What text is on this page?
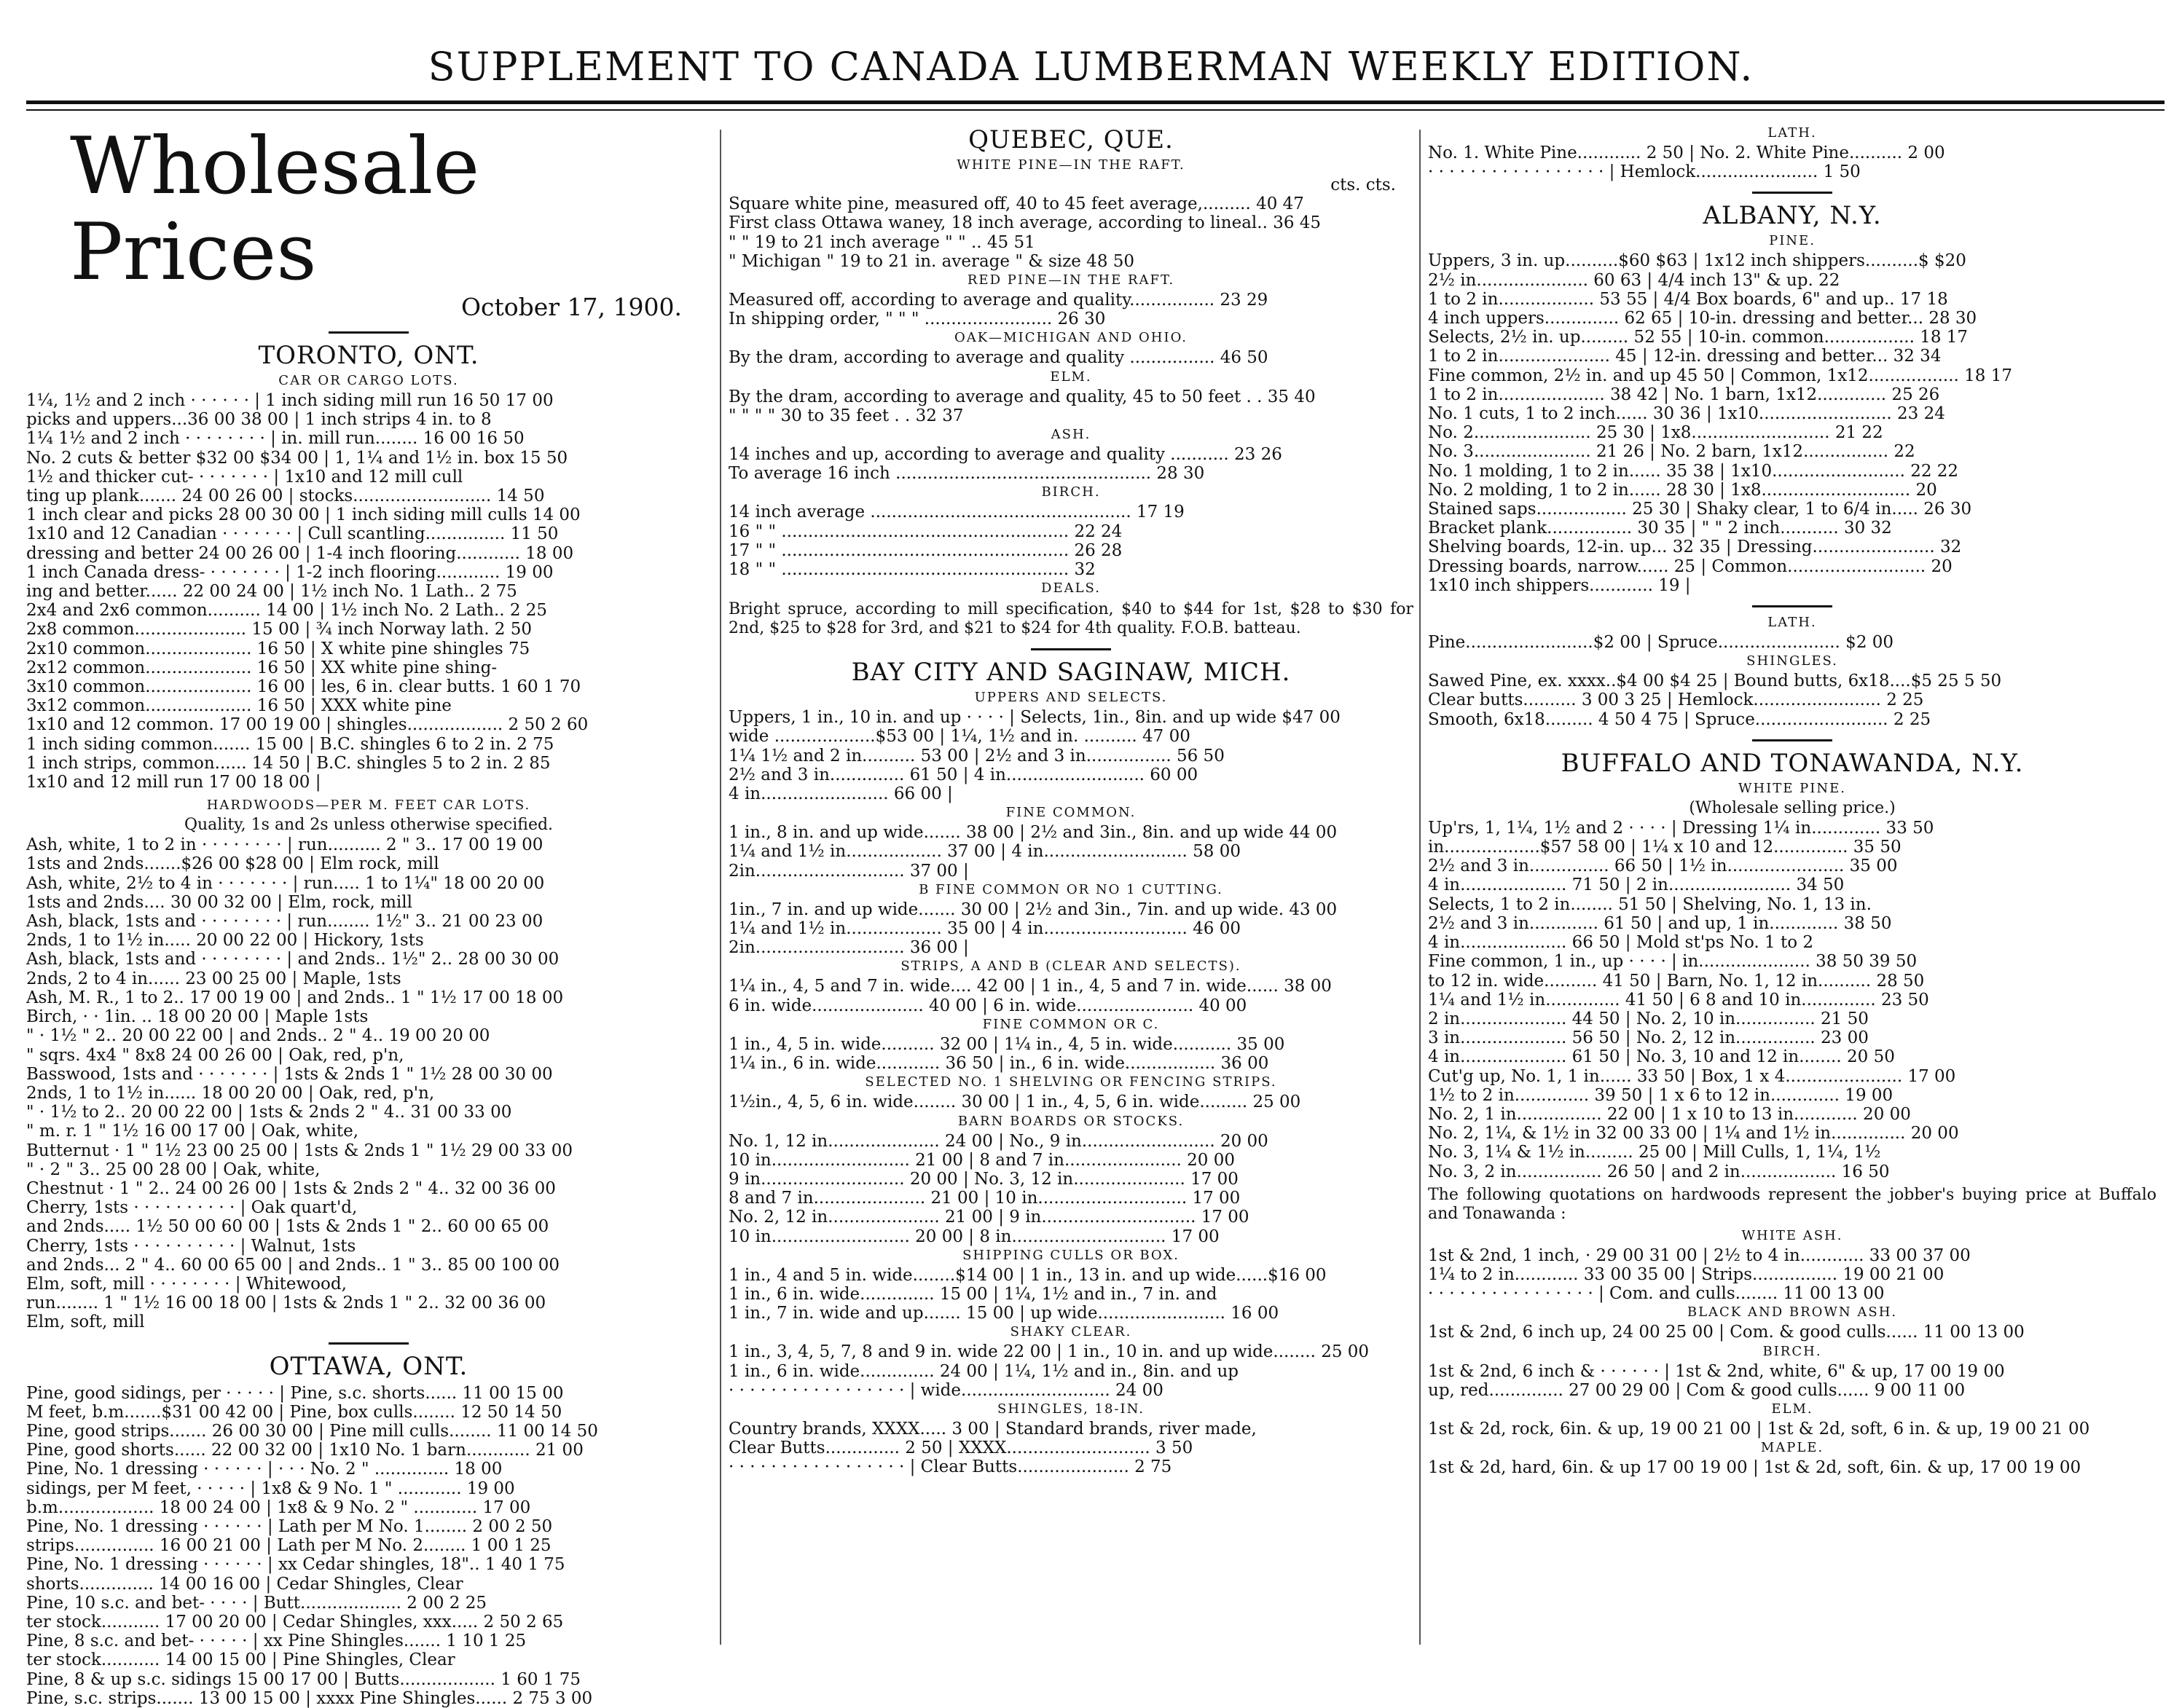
SUPPLEMENT TO CANADA LUMBERMAN WEEKLY EDITION.
Wholesale Prices
October 17, 1900.
TORONTO, ONT.
CAR OR CARGO LOTS.
1¼, 1½ and 2 inch · · · · · · | 1 inch siding mill run 16 50 17 00
picks and uppers...36 00 38 00 | 1 inch strips 4 in. to 8
1¼ 1½ and 2 inch · · · · · · · · | in. mill run........ 16 00 16 50
No. 2 cuts & better $32 00 $34 00 | 1, 1¼ and 1½ in. box 15 50
1½ and thicker cut- · · · · · · · | 1x10 and 12 mill cull
ting up plank....... 24 00 26 00 | stocks.......................... 14 50
1 inch clear and picks 28 00 30 00 | 1 inch siding mill culls 14 00
1x10 and 12 Canadian · · · · · · · | Cull scantling............... 11 50
dressing and better 24 00 26 00 | 1-4 inch flooring............ 18 00
1 inch Canada dress- · · · · · · · | 1-2 inch flooring............ 19 00
ing and better...... 22 00 24 00 | 1½ inch No. 1 Lath.. 2 75
2x4 and 2x6 common.......... 14 00 | 1½ inch No. 2 Lath.. 2 25
2x8 common..................... 15 00 | ¾ inch Norway lath. 2 50
2x10 common.................... 16 50 | X white pine shingles 75
2x12 common.................... 16 50 | XX white pine shing-
3x10 common.................... 16 00 | les, 6 in. clear butts. 1 60 1 70
3x12 common.................... 16 50 | XXX white pine
1x10 and 12 common. 17 00 19 00 | shingles.................. 2 50 2 60
1 inch siding common....... 15 00 | B.C. shingles 6 to 2 in. 2 75
1 inch strips, common...... 14 50 | B.C. shingles 5 to 2 in. 2 85
1x10 and 12 mill run 17 00 18 00 |
HARDWOODS—PER M. FEET CAR LOTS.
Quality, 1s and 2s unless otherwise specified.
Ash, white, 1 to 2 in · · · · · · · · | run.......... 2 " 3.. 17 00 19 00
1sts and 2nds.......$26 00 $28 00 | Elm rock, mill
Ash, white, 2½ to 4 in · · · · · · · | run..... 1 to 1¼" 18 00 20 00
1sts and 2nds.... 30 00 32 00 | Elm, rock, mill
Ash, black, 1sts and · · · · · · · · | run........ 1½" 3.. 21 00 23 00
2nds, 1 to 1½ in..... 20 00 22 00 | Hickory, 1sts
Ash, black, 1sts and · · · · · · · · | and 2nds.. 1½" 2.. 28 00 30 00
2nds, 2 to 4 in...... 23 00 25 00 | Maple, 1sts
Ash, M. R., 1 to 2.. 17 00 19 00 | and 2nds.. 1 " 1½ 17 00 18 00
Birch, · · 1in. .. 18 00 20 00 | Maple 1sts
" · 1½ " 2.. 20 00 22 00 | and 2nds.. 2 " 4.. 19 00 20 00
" sqrs. 4x4 " 8x8 24 00 26 00 | Oak, red, p'n,
Basswood, 1sts and · · · · · · · | 1sts & 2nds 1 " 1½ 28 00 30 00
2nds, 1 to 1½ in...... 18 00 20 00 | Oak, red, p'n,
" · 1½ to 2.. 20 00 22 00 | 1sts & 2nds 2 " 4.. 31 00 33 00
" m. r. 1 " 1½ 16 00 17 00 | Oak, white,
Butternut · 1 " 1½ 23 00 25 00 | 1sts & 2nds 1 " 1½ 29 00 33 00
" · 2 " 3.. 25 00 28 00 | Oak, white,
Chestnut · 1 " 2.. 24 00 26 00 | 1sts & 2nds 2 " 4.. 32 00 36 00
Cherry, 1sts · · · · · · · · · · | Oak quart'd,
and 2nds..... 1½ 50 00 60 00 | 1sts & 2nds 1 " 2.. 60 00 65 00
Cherry, 1sts · · · · · · · · · · | Walnut, 1sts
and 2nds... 2 " 4.. 60 00 65 00 | and 2nds.. 1 " 3.. 85 00 100 00
Elm, soft, mill · · · · · · · · | Whitewood,
run........ 1 " 1½ 16 00 18 00 | 1sts & 2nds 1 " 2.. 32 00 36 00
Elm, soft, mill
OTTAWA, ONT.
Pine, good sidings, per · · · · · | Pine, s.c. shorts...... 11 00 15 00
M feet, b.m.......$31 00 42 00 | Pine, box culls........ 12 50 14 50
Pine, good strips....... 26 00 30 00 | Pine mill culls........ 11 00 14 50
Pine, good shorts...... 22 00 32 00 | 1x10 No. 1 barn............ 21 00
Pine, No. 1 dressing · · · · · · | · · · No. 2 " .............. 18 00
sidings, per M feet, · · · · · | 1x8 & 9 No. 1 " ............ 19 00
b.m.................. 18 00 24 00 | 1x8 & 9 No. 2 " ............ 17 00
Pine, No. 1 dressing · · · · · · | Lath per M No. 1........ 2 00 2 50
strips............... 16 00 21 00 | Lath per M No. 2........ 1 00 1 25
Pine, No. 1 dressing · · · · · · | xx Cedar shingles, 18".. 1 40 1 75
shorts.............. 14 00 16 00 | Cedar Shingles, Clear
Pine, 10 s.c. and bet- · · · · | Butt................... 2 00 2 25
ter stock........... 17 00 20 00 | Cedar Shingles, xxx..... 2 50 2 65
Pine, 8 s.c. and bet- · · · · · | xx Pine Shingles....... 1 10 1 25
ter stock........... 14 00 15 00 | Pine Shingles, Clear
Pine, 8 & up s.c. sidings 15 00 17 00 | Butts.................. 1 60 1 75
Pine, s.c. strips....... 13 00 15 00 | xxxx Pine Shingles...... 2 75 3 00
QUEBEC, QUE.
WHITE PINE—IN THE RAFT.
cts. cts.
Square white pine, measured off, 40 to 45 feet average,......... 40 47
First class Ottawa waney, 18 inch average, according to lineal.. 36 45
" " 19 to 21 inch average " " .. 45 51
" Michigan " 19 to 21 in. average " & size 48 50
RED PINE—IN THE RAFT.
Measured off, according to average and quality................ 23 29
In shipping order, " " " ........................ 26 30
OAK—MICHIGAN AND OHIO.
By the dram, according to average and quality ................ 46 50
ELM.
By the dram, according to average and quality, 45 to 50 feet . . 35 40
" " " " 30 to 35 feet . . 32 37
ASH.
14 inches and up, according to average and quality ........... 23 26
To average 16 inch ................................................ 28 30
BIRCH.
14 inch average ................................................. 17 19
16 " " ...................................................... 22 24
17 " " ...................................................... 26 28
18 " " ...................................................... 32
DEALS.
Bright spruce, according to mill specification, $40 to $44 for 1st, $28 to $30 for 2nd, $25 to $28 for 3rd, and $21 to $24 for 4th quality. F.O.B. batteau.
BAY CITY AND SAGINAW, MICH.
UPPERS AND SELECTS.
Uppers, 1 in., 10 in. and up · · · · | Selects, 1in., 8in. and up wide $47 00
wide ...................$53 00 | 1¼, 1½ and in. .......... 47 00
1¼ 1½ and 2 in.......... 53 00 | 2½ and 3 in................ 56 50
2½ and 3 in.............. 61 50 | 4 in.......................... 60 00
4 in........................ 66 00 |
FINE COMMON.
1 in., 8 in. and up wide....... 38 00 | 2½ and 3in., 8in. and up wide 44 00
1¼ and 1½ in.................. 37 00 | 4 in........................... 58 00
2in............................ 37 00 |
B FINE COMMON OR NO 1 CUTTING.
1in., 7 in. and up wide....... 30 00 | 2½ and 3in., 7in. and up wide. 43 00
1¼ and 1½ in.................. 35 00 | 4 in........................... 46 00
2in............................ 36 00 |
STRIPS, A AND B (CLEAR AND SELECTS).
1¼ in., 4, 5 and 7 in. wide.... 42 00 | 1 in., 4, 5 and 7 in. wide...... 38 00
6 in. wide..................... 40 00 | 6 in. wide...................... 40 00
FINE COMMON OR C.
1 in., 4, 5 in. wide.......... 32 00 | 1¼ in., 4, 5 in. wide........... 35 00
1¼ in., 6 in. wide............ 36 50 | in., 6 in. wide................. 36 00
SELECTED NO. 1 SHELVING OR FENCING STRIPS.
1½in., 4, 5, 6 in. wide........ 30 00 | 1 in., 4, 5, 6 in. wide......... 25 00
BARN BOARDS OR STOCKS.
No. 1, 12 in..................... 24 00 | No., 9 in......................... 20 00
10 in.......................... 21 00 | 8 and 7 in...................... 20 00
9 in........................... 20 00 | No. 3, 12 in..................... 17 00
8 and 7 in..................... 21 00 | 10 in............................ 17 00
No. 2, 12 in..................... 21 00 | 9 in............................. 17 00
10 in.......................... 20 00 | 8 in............................. 17 00
SHIPPING CULLS OR BOX.
1 in., 4 and 5 in. wide........$14 00 | 1 in., 13 in. and up wide......$16 00
1 in., 6 in. wide.............. 15 00 | 1¼, 1½ and in., 7 in. and
1 in., 7 in. wide and up....... 15 00 | up wide........................ 16 00
SHAKY CLEAR.
1 in., 3, 4, 5, 7, 8 and 9 in. wide 22 00 | 1 in., 10 in. and up wide........ 25 00
1 in., 6 in. wide.............. 24 00 | 1¼, 1½ and in., 8in. and up
· · · · · · · · · · · · · · · · · | wide............................ 24 00
SHINGLES, 18-IN.
Country brands, XXXX..... 3 00 | Standard brands, river made,
Clear Butts.............. 2 50 | XXXX........................... 3 50
· · · · · · · · · · · · · · · · · | Clear Butts..................... 2 75
LATH.
No. 1. White Pine............ 2 50 | No. 2. White Pine.......... 2 00
· · · · · · · · · · · · · · · · · | Hemlock....................... 1 50
ALBANY, N.Y.
PINE.
Uppers, 3 in. up..........$60 $63 | 1x12 inch shippers..........$ $20
2½ in..................... 60 63 | 4/4 inch 13" & up. 22
1 to 2 in.................. 53 55 | 4/4 Box boards, 6" and up.. 17 18
4 inch uppers.............. 62 65 | 10-in. dressing and better... 28 30
Selects, 2½ in. up......... 52 55 | 10-in. common................. 18 17
1 to 2 in..................... 45 | 12-in. dressing and better... 32 34
Fine common, 2½ in. and up 45 50 | Common, 1x12................. 18 17
1 to 2 in.................... 38 42 | No. 1 barn, 1x12............. 25 26
No. 1 cuts, 1 to 2 inch...... 30 36 | 1x10......................... 23 24
No. 2...................... 25 30 | 1x8.......................... 21 22
No. 3...................... 21 26 | No. 2 barn, 1x12................ 22
No. 1 molding, 1 to 2 in...... 35 38 | 1x10......................... 22 22
No. 2 molding, 1 to 2 in...... 28 30 | 1x8............................ 20
Stained saps................. 25 30 | Shaky clear, 1 to 6/4 in..... 26 30
Bracket plank................ 30 35 | " " 2 inch........... 30 32
Shelving boards, 12-in. up... 32 35 | Dressing....................... 32
Dressing boards, narrow...... 25 | Common.......................... 20
1x10 inch shippers............ 19 |
LATH.
Pine........................$2 00 | Spruce....................... $2 00
SHINGLES.
Sawed Pine, ex. xxxx..$4 00 $4 25 | Bound butts, 6x18....$5 25 5 50
Clear butts.......... 3 00 3 25 | Hemlock........................ 2 25
Smooth, 6x18......... 4 50 4 75 | Spruce......................... 2 25
BUFFALO AND TONAWANDA, N.Y.
WHITE PINE.
(Wholesale selling price.)
Up'rs, 1, 1¼, 1½ and 2 · · · · | Dressing 1¼ in............. 33 50
in..................$57 58 00 | 1¼ x 10 and 12.............. 35 50
2½ and 3 in............... 66 50 | 1½ in...................... 35 00
4 in.................... 71 50 | 2 in....................... 34 50
Selects, 1 to 2 in........ 51 50 | Shelving, No. 1, 13 in.
2½ and 3 in............. 61 50 | and up, 1 in............. 38 50
4 in.................... 66 50 | Mold st'ps No. 1 to 2
Fine common, 1 in., up · · · · | in..................... 38 50 39 50
to 12 in. wide.......... 41 50 | Barn, No. 1, 12 in.......... 28 50
1¼ and 1½ in.............. 41 50 | 6 8 and 10 in.............. 23 50
2 in.................... 44 50 | No. 2, 10 in............... 21 50
3 in.................... 56 50 | No. 2, 12 in............... 23 00
4 in.................... 61 50 | No. 3, 10 and 12 in........ 20 50
Cut'g up, No. 1, 1 in...... 33 50 | Box, 1 x 4...................... 17 00
1½ to 2 in.............. 39 50 | 1 x 6 to 12 in............. 19 00
No. 2, 1 in................ 22 00 | 1 x 10 to 13 in............ 20 00
No. 2, 1¼, & 1½ in 32 00 33 00 | 1¼ and 1½ in.............. 20 00
No. 3, 1¼ & 1½ in......... 25 00 | Mill Culls, 1, 1¼, 1½
No. 3, 2 in................ 26 50 | and 2 in.................. 16 50
The following quotations on hardwoods represent the jobber's buying price at Buffalo and Tonawanda :
WHITE ASH.
1st & 2nd, 1 inch, · 29 00 31 00 | 2½ to 4 in............ 33 00 37 00
1¼ to 2 in............ 33 00 35 00 | Strips................ 19 00 21 00
· · · · · · · · · · · · · · · · | Com. and culls........ 11 00 13 00
BLACK AND BROWN ASH.
1st & 2nd, 6 inch up, 24 00 25 00 | Com. & good culls...... 11 00 13 00
BIRCH.
1st & 2nd, 6 inch & · · · · · · | 1st & 2nd, white, 6" & up, 17 00 19 00
up, red.............. 27 00 29 00 | Com & good culls...... 9 00 11 00
ELM.
1st & 2d, rock, 6in. & up, 19 00 21 00 | 1st & 2d, soft, 6 in. & up, 19 00 21 00
MAPLE.
1st & 2d, hard, 6in. & up 17 00 19 00 | 1st & 2d, soft, 6in. & up, 17 00 19 00
